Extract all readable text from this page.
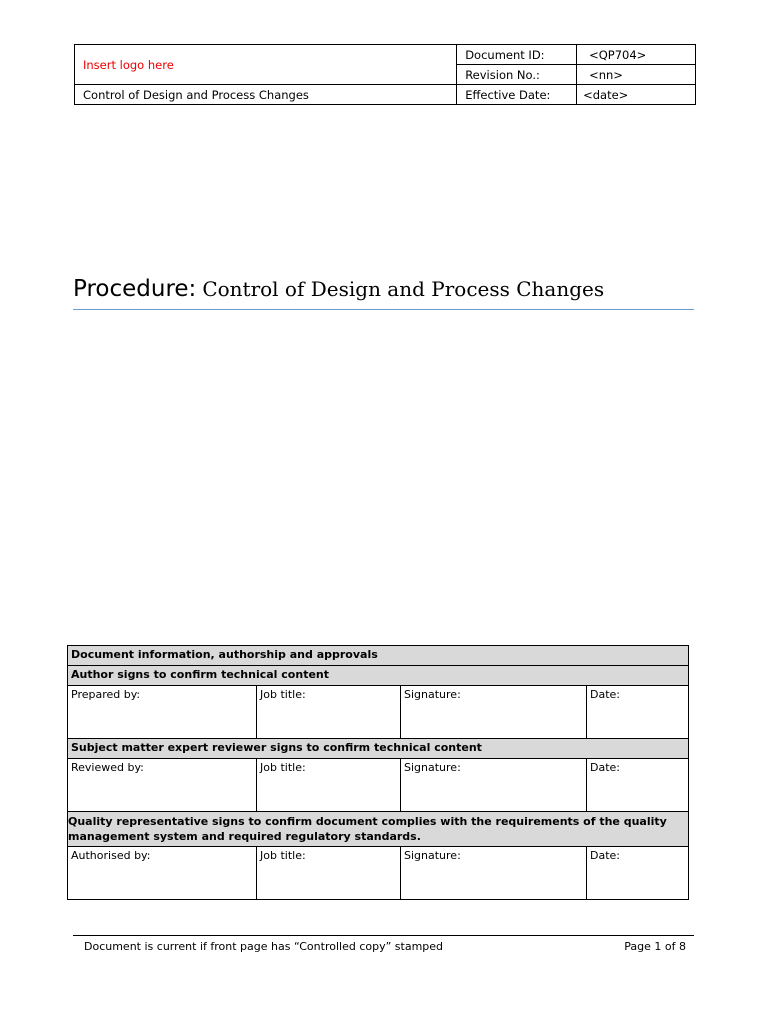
Insert logo here	Document ID:	<QP704>
	Revision No.:	<nn>
Control of Design and Process Changes	Effective Date:	<date>
Procedure: Control of Design and Process Changes
Document information, authorship and approvals			
Author signs to confirm technical content			
Prepared by:	Job title:	Signature:	Date:
Subject matter expert reviewer signs to confirm technical content			
Reviewed by:	Job title:	Signature:	Date:
Quality representative signs to confirm document complies with the requirements of the quality management system and required regulatory standards.			
Authorised by:	Job title:	Signature:	Date:
Document is current if front page has “Controlled copy” stamped	Page 1 of 8
